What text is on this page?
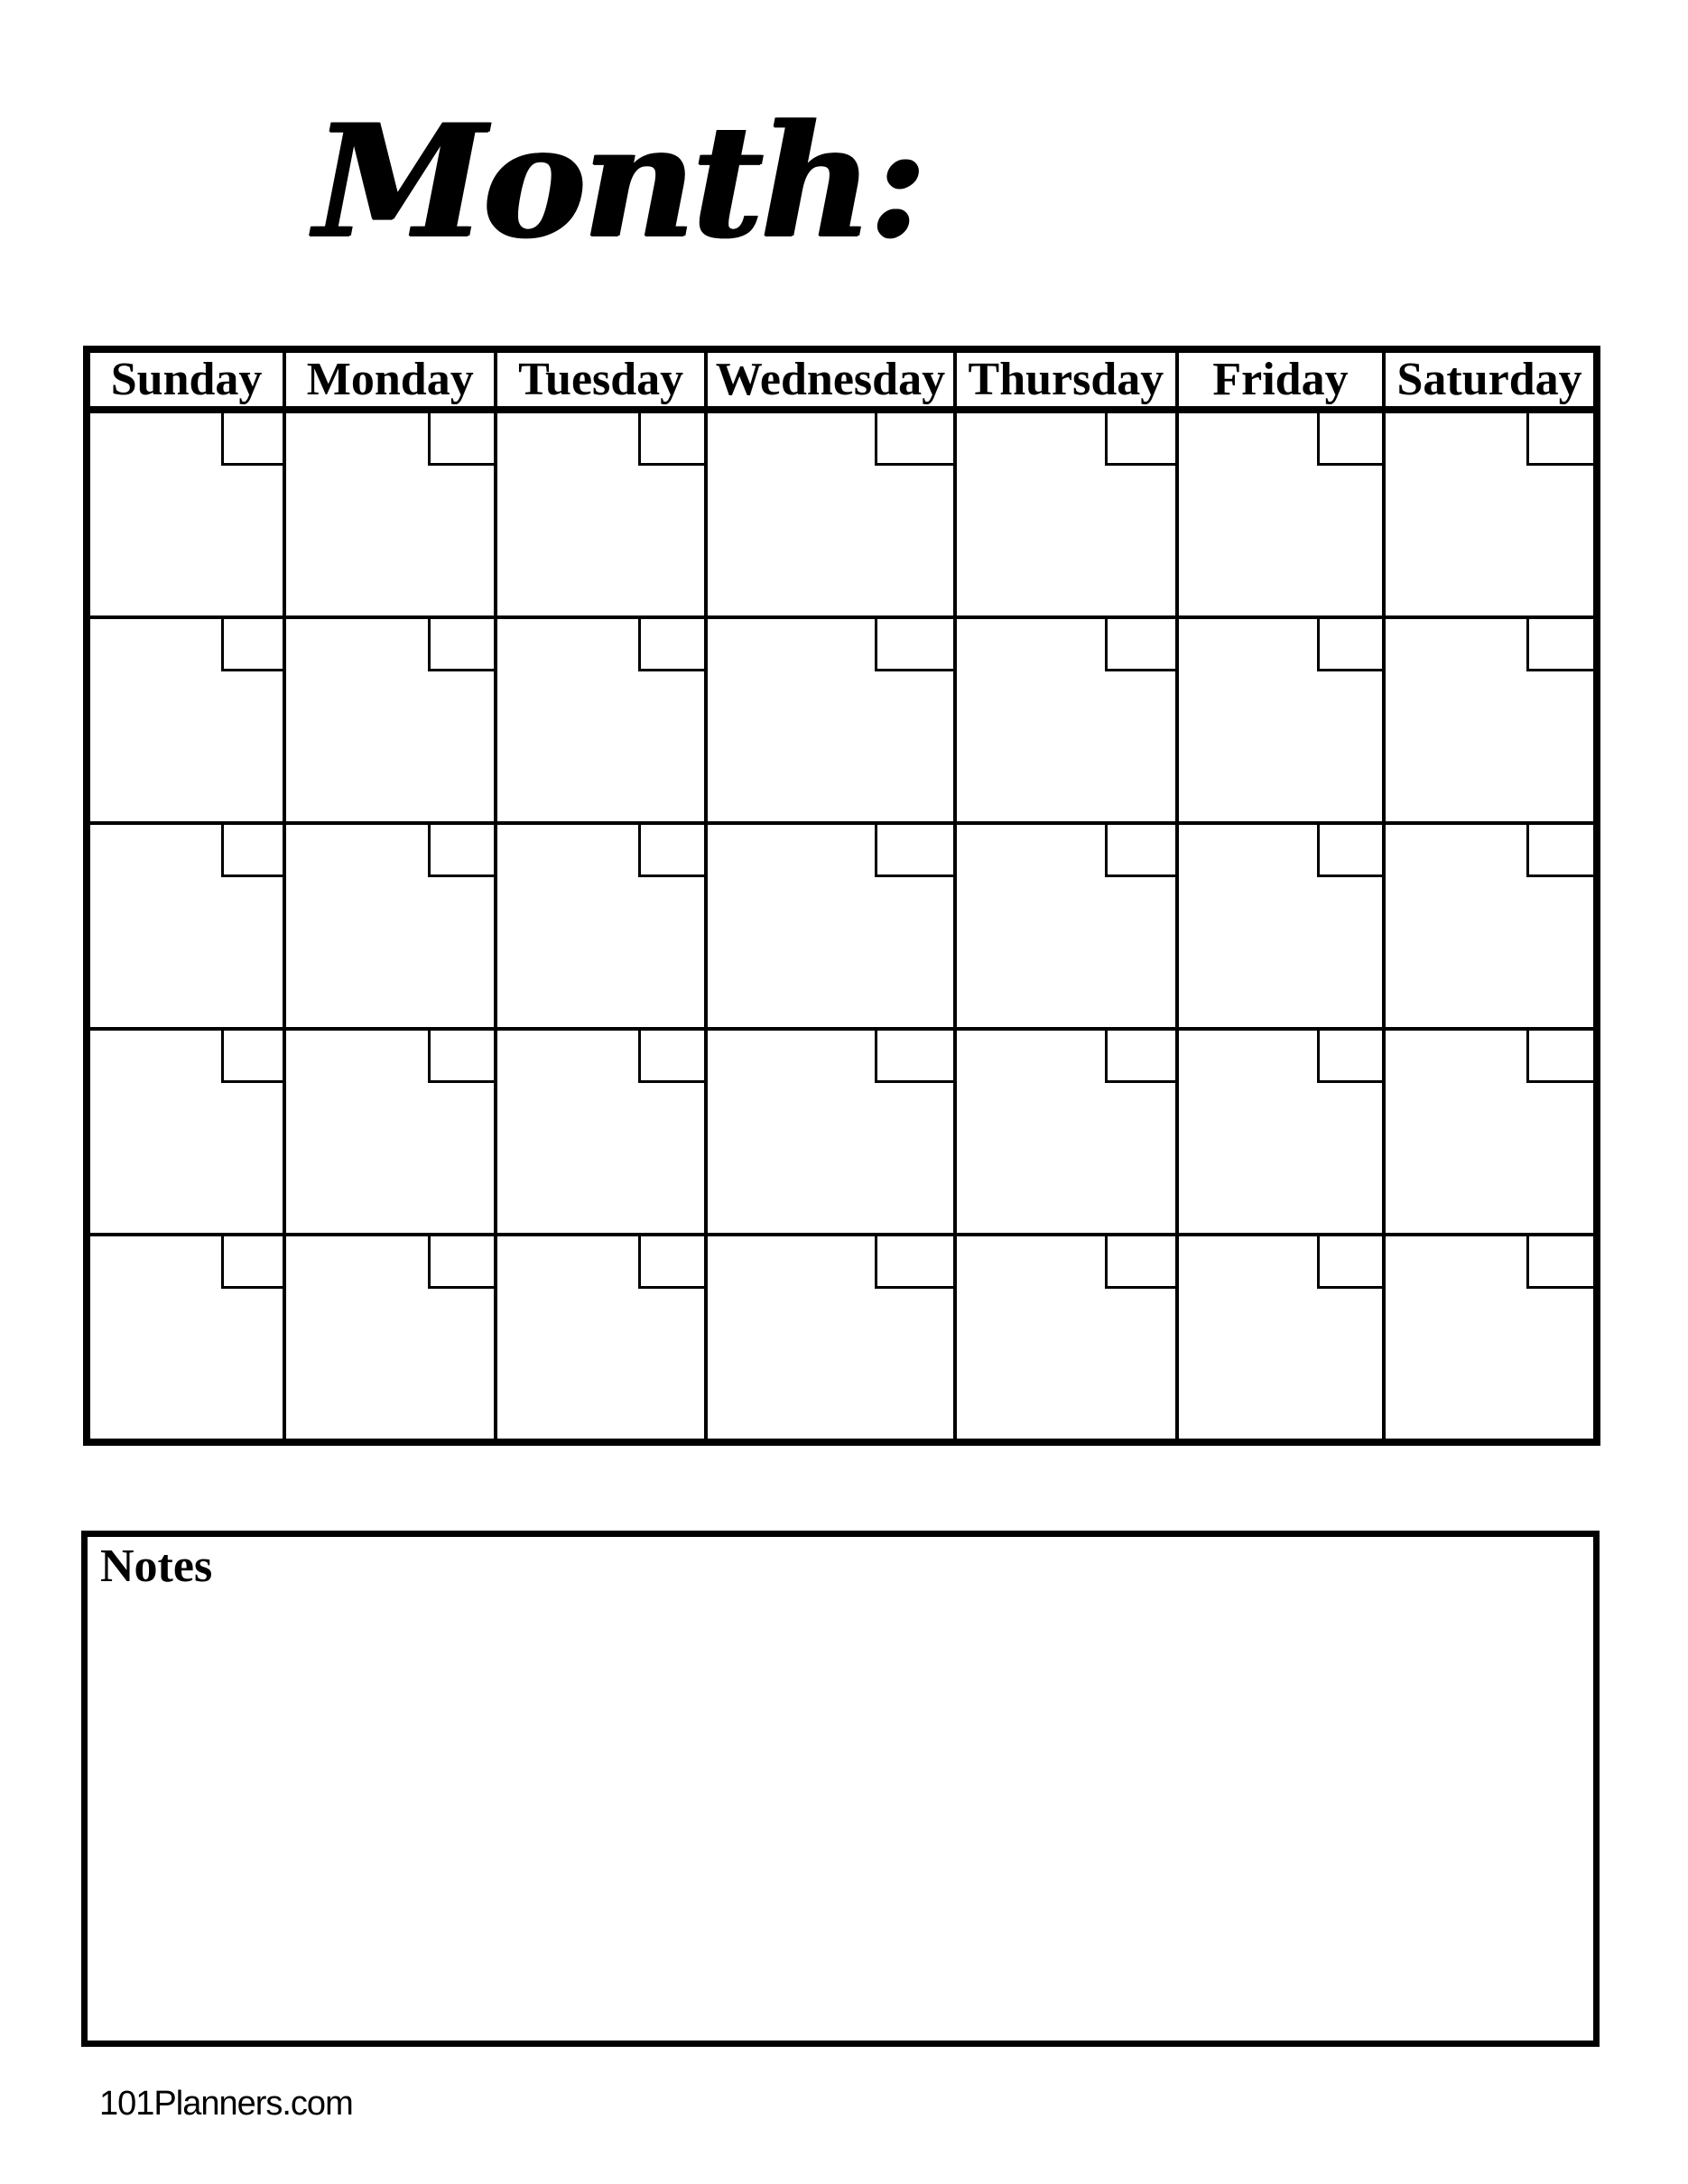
Month:
Sunday	Monday	Tuesday	Wednesday	Thursday	Friday	Saturday

Notes
101Planners.com
